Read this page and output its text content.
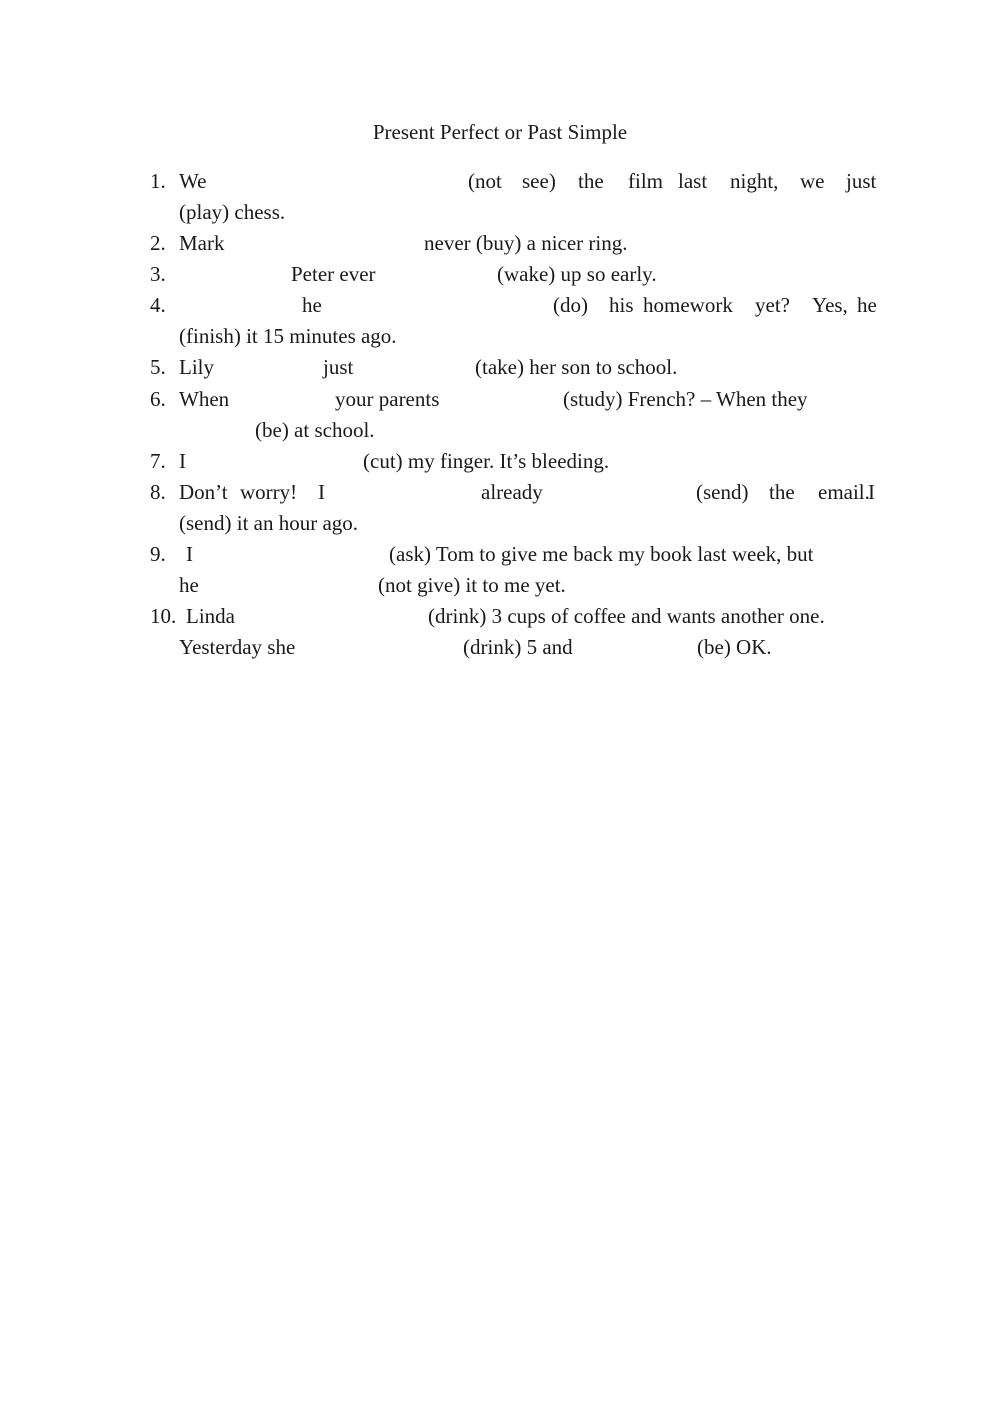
Present Perfect or Past Simple
1. We	(not see) the film last night, we just
(play) chess.
2. Mark	never (buy) a nicer ring.
3.	Peter ever	(wake) up so early.
4.	he	(do) his homework yet? Yes, he
(finish) it 15 minutes ago.
5. Lily	just	(take) her son to school.
6. When	your parents	(study) French? – When they
(be) at school.
7. I	(cut) my finger. It’s bleeding.
8. Don’t worry! I	already	(send) the email.
I
(send) it an hour ago.
9. I	(ask) Tom to give me back my book last week, but
he	(not give) it to me yet.
10. Linda	(drink) 3 cups of coffee and wants another one.
Yesterday she	(drink) 5 and	(be) OK.
